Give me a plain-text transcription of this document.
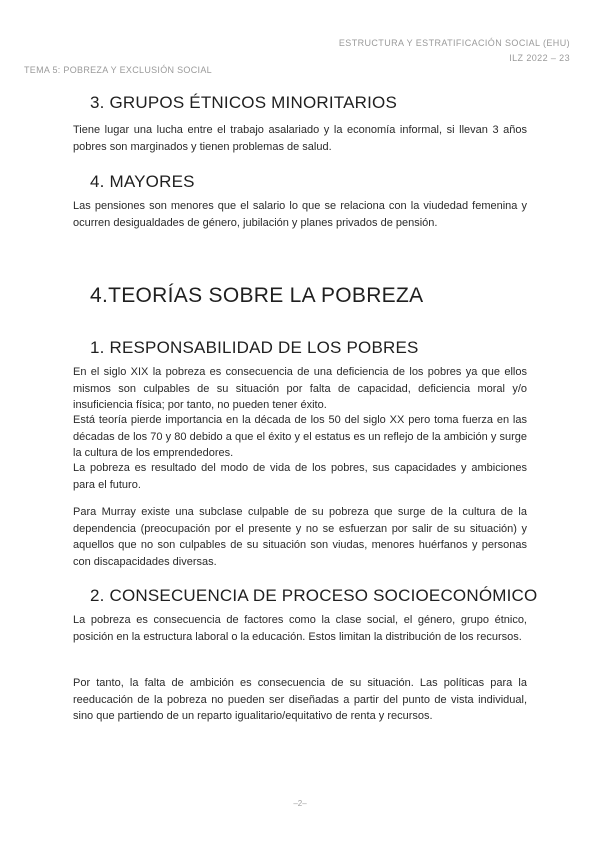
ESTRUCTURA Y ESTRATIFICACIÓN SOCIAL (EHU)
ILZ 2022 – 23
TEMA 5: POBREZA Y EXCLUSIÓN SOCIAL
3. GRUPOS ÉTNICOS MINORITARIOS
Tiene lugar una lucha entre el trabajo asalariado y la economía informal, si llevan 3 años pobres son marginados y tienen problemas de salud.
4. MAYORES
Las pensiones son menores que el salario lo que se relaciona con la viudedad femenina y ocurren desigualdades de género, jubilación y planes privados de pensión.
4.TEORÍAS SOBRE LA POBREZA
1. RESPONSABILIDAD DE LOS POBRES
En el siglo XIX la pobreza es consecuencia de una deficiencia de los pobres ya que ellos mismos son culpables de su situación por falta de capacidad, deficiencia moral y/o insuficiencia física; por tanto, no pueden tener éxito.
Está teoría pierde importancia en la década de los 50 del siglo XX pero toma fuerza en las décadas de los 70 y 80 debido a que el éxito y el estatus es un reflejo de la ambición y surge la cultura de los emprendedores.
La pobreza es resultado del modo de vida de los pobres, sus capacidades y ambiciones para el futuro.
Para Murray existe una subclase culpable de su pobreza que surge de la cultura de la dependencia (preocupación por el presente y no se esfuerzan por salir de su situación) y aquellos que no son culpables de su situación son viudas, menores huérfanos y personas con discapacidades diversas.
2. CONSECUENCIA DE PROCESO SOCIOECONÓMICO
La pobreza es consecuencia de factores como la clase social, el género, grupo étnico, posición en la estructura laboral o la educación. Estos limitan la distribución de los recursos.
Por tanto, la falta de ambición es consecuencia de su situación. Las políticas para la reeducación de la pobreza no pueden ser diseñadas a partir del punto de vista individual, sino que partiendo de un reparto igualitario/equitativo de renta y recursos.
–2–
